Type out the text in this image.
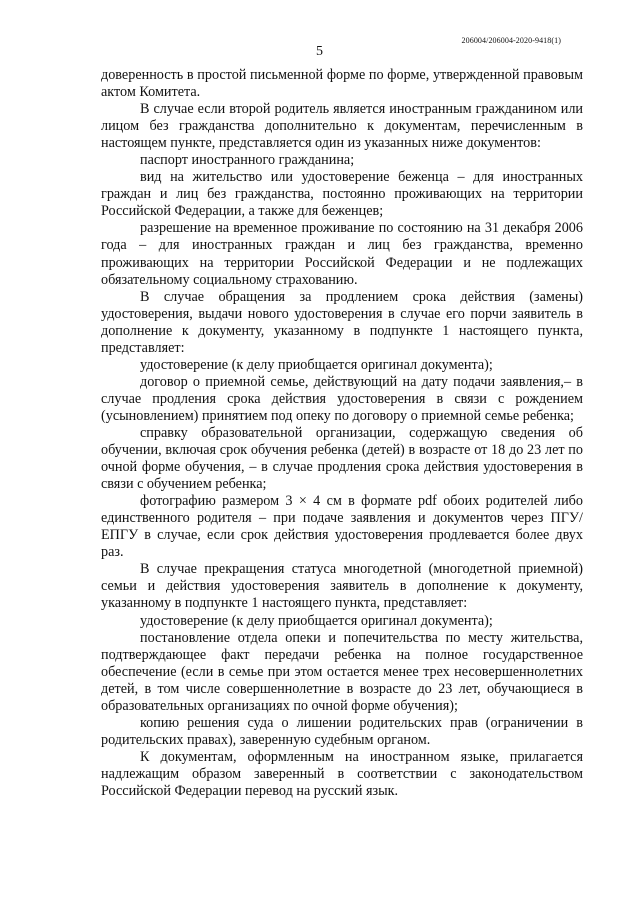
206004/206004-2020-9418(1)
5

доверенность в простой письменной форме по форме, утвержденной правовым актом Комитета.

В случае если второй родитель является иностранным гражданином или лицом без гражданства дополнительно к документам, перечисленным в настоящем пункте, представляется один из указанных ниже документов:

паспорт иностранного гражданина;

вид на жительство или удостоверение беженца – для иностранных граждан и лиц без гражданства, постоянно проживающих на территории Российской Федерации, а также для беженцев;

разрешение на временное проживание по состоянию на 31 декабря 2006 года – для иностранных граждан и лиц без гражданства, временно проживающих на территории Российской Федерации и не подлежащих обязательному социальному страхованию.

В случае обращения за продлением срока действия (замены) удостоверения, выдачи нового удостоверения в случае его порчи заявитель в дополнение к документу, указанному в подпункте 1 настоящего пункта, представляет:

удостоверение (к делу приобщается оригинал документа);

договор о приемной семье, действующий на дату подачи заявления,– в случае продления срока действия удостоверения в связи с рождением (усыновлением) принятием под опеку по договору о приемной семье ребенка;

справку образовательной организации, содержащую сведения об обучении, включая срок обучения ребенка (детей) в возрасте от 18 до 23 лет по очной форме обучения, – в случае продления срока действия удостоверения в связи с обучением ребенка;

фотографию размером 3 × 4 см в формате pdf обоих родителей либо единственного родителя – при подаче заявления и документов через ПГУ/ЕПГУ в случае, если срок действия удостоверения продлевается более двух раз.

В случае прекращения статуса многодетной (многодетной приемной) семьи и действия удостоверения заявитель в дополнение к документу, указанному в подпункте 1 настоящего пункта, представляет:

удостоверение (к делу приобщается оригинал документа);

постановление отдела опеки и попечительства по месту жительства, подтверждающее факт передачи ребенка на полное государственное обеспечение (если в семье при этом остается менее трех несовершеннолетних детей, в том числе совершеннолетние в возрасте до 23 лет, обучающиеся в образовательных организациях по очной форме обучения);

копию решения суда о лишении родительских прав (ограничении в родительских правах), заверенную судебным органом.

К документам, оформленным на иностранном языке, прилагается надлежащим образом заверенный в соответствии с законодательством Российской Федерации перевод на русский язык.
